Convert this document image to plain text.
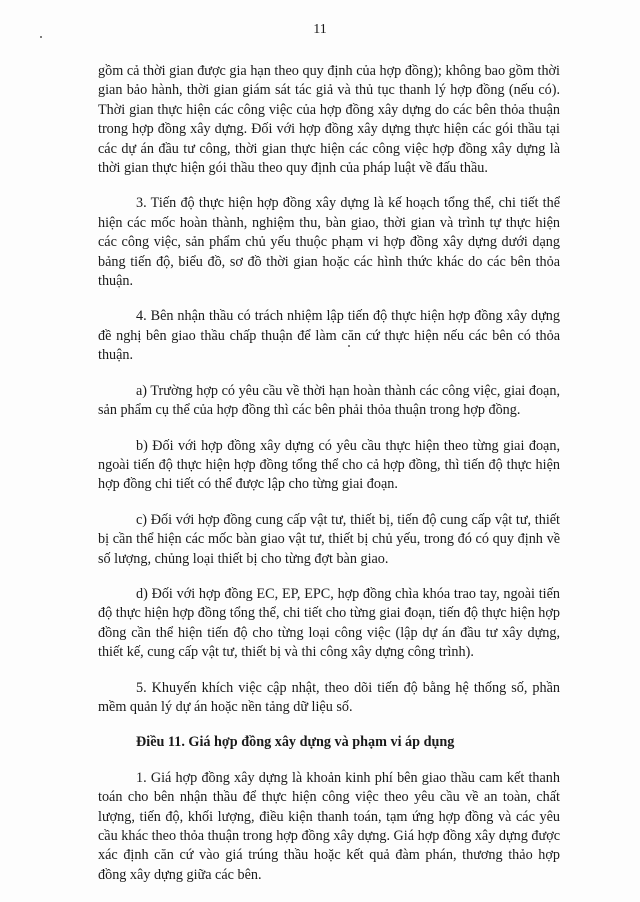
11

gồm cả thời gian được gia hạn theo quy định của hợp đồng); không bao gồm thời gian bảo hành, thời gian giám sát tác giả và thủ tục thanh lý hợp đồng (nếu có). Thời gian thực hiện các công việc của hợp đồng xây dựng do các bên thỏa thuận trong hợp đồng xây dựng. Đối với hợp đồng xây dựng thực hiện các gói thầu tại các dự án đầu tư công, thời gian thực hiện các công việc hợp đồng xây dựng là thời gian thực hiện gói thầu theo quy định của pháp luật về đấu thầu.

3. Tiến độ thực hiện hợp đồng xây dựng là kế hoạch tổng thể, chi tiết thể hiện các mốc hoàn thành, nghiệm thu, bàn giao, thời gian và trình tự thực hiện các công việc, sản phẩm chủ yếu thuộc phạm vi hợp đồng xây dựng dưới dạng bảng tiến độ, biểu đồ, sơ đồ thời gian hoặc các hình thức khác do các bên thỏa thuận.

4. Bên nhận thầu có trách nhiệm lập tiến độ thực hiện hợp đồng xây dựng đề nghị bên giao thầu chấp thuận để làm căn cứ thực hiện nếu các bên có thỏa thuận.

a) Trường hợp có yêu cầu về thời hạn hoàn thành các công việc, giai đoạn, sản phẩm cụ thể của hợp đồng thì các bên phải thỏa thuận trong hợp đồng.

b) Đối với hợp đồng xây dựng có yêu cầu thực hiện theo từng giai đoạn, ngoài tiến độ thực hiện hợp đồng tổng thể cho cả hợp đồng, thì tiến độ thực hiện hợp đồng chi tiết có thể được lập cho từng giai đoạn.

c) Đối với hợp đồng cung cấp vật tư, thiết bị, tiến độ cung cấp vật tư, thiết bị cần thể hiện các mốc bàn giao vật tư, thiết bị chủ yếu, trong đó có quy định về số lượng, chủng loại thiết bị cho từng đợt bàn giao.

d) Đối với hợp đồng EC, EP, EPC, hợp đồng chìa khóa trao tay, ngoài tiến độ thực hiện hợp đồng tổng thể, chi tiết cho từng giai đoạn, tiến độ thực hiện hợp đồng cần thể hiện tiến độ cho từng loại công việc (lập dự án đầu tư xây dựng, thiết kế, cung cấp vật tư, thiết bị và thi công xây dựng công trình).

5. Khuyến khích việc cập nhật, theo dõi tiến độ bằng hệ thống số, phần mềm quản lý dự án hoặc nền tảng dữ liệu số.

Điều 11. Giá hợp đồng xây dựng và phạm vi áp dụng

1. Giá hợp đồng xây dựng là khoản kinh phí bên giao thầu cam kết thanh toán cho bên nhận thầu để thực hiện công việc theo yêu cầu về an toàn, chất lượng, tiến độ, khối lượng, điều kiện thanh toán, tạm ứng hợp đồng và các yêu cầu khác theo thỏa thuận trong hợp đồng xây dựng. Giá hợp đồng xây dựng được xác định căn cứ vào giá trúng thầu hoặc kết quả đàm phán, thương thảo hợp đồng xây dựng giữa các bên.
